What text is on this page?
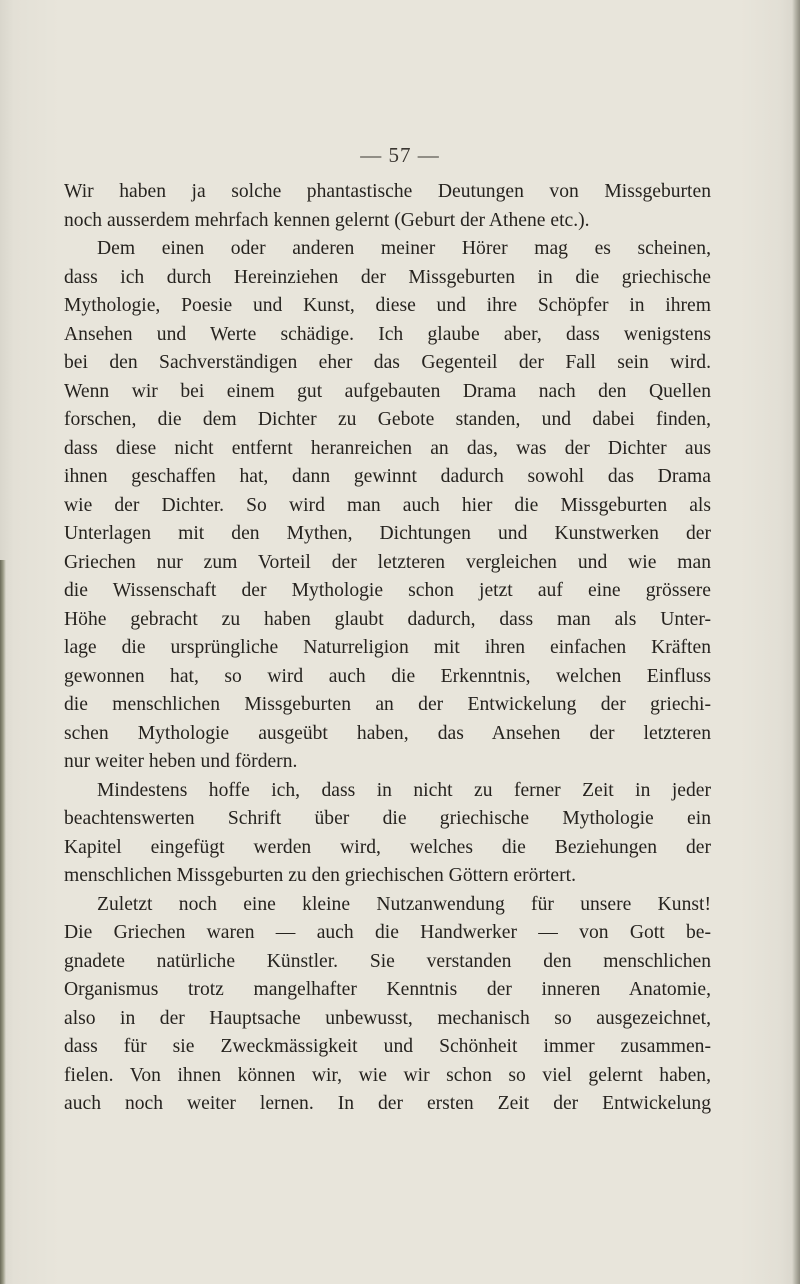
— 57 —
Wir haben ja solche phantastische Deutungen von Missgeburten
noch ausserdem mehrfach kennen gelernt (Geburt der Athene etc.).
Dem einen oder anderen meiner Hörer mag es scheinen,
dass ich durch Hereinziehen der Missgeburten in die griechische
Mythologie, Poesie und Kunst, diese und ihre Schöpfer in ihrem
Ansehen und Werte schädige. Ich glaube aber, dass wenigstens
bei den Sachverständigen eher das Gegenteil der Fall sein wird.
Wenn wir bei einem gut aufgebauten Drama nach den Quellen
forschen, die dem Dichter zu Gebote standen, und dabei finden,
dass diese nicht entfernt heranreichen an das, was der Dichter aus
ihnen geschaffen hat, dann gewinnt dadurch sowohl das Drama
wie der Dichter. So wird man auch hier die Missgeburten als
Unterlagen mit den Mythen, Dichtungen und Kunstwerken der
Griechen nur zum Vorteil der letzteren vergleichen und wie man
die Wissenschaft der Mythologie schon jetzt auf eine grössere
Höhe gebracht zu haben glaubt dadurch, dass man als Unter-
lage die ursprüngliche Naturreligion mit ihren einfachen Kräften
gewonnen hat, so wird auch die Erkenntnis, welchen Einfluss
die menschlichen Missgeburten an der Entwickelung der griechi-
schen Mythologie ausgeübt haben, das Ansehen der letzteren
nur weiter heben und fördern.
Mindestens hoffe ich, dass in nicht zu ferner Zeit in jeder
beachtenswerten Schrift über die griechische Mythologie ein
Kapitel eingefügt werden wird, welches die Beziehungen der
menschlichen Missgeburten zu den griechischen Göttern erörtert.
Zuletzt noch eine kleine Nutzanwendung für unsere Kunst!
Die Griechen waren — auch die Handwerker — von Gott be-
gnadete natürliche Künstler. Sie verstanden den menschlichen
Organismus trotz mangelhafter Kenntnis der inneren Anatomie,
also in der Hauptsache unbewusst, mechanisch so ausgezeichnet,
dass für sie Zweckmässigkeit und Schönheit immer zusammen-
fielen. Von ihnen können wir, wie wir schon so viel gelernt haben,
auch noch weiter lernen. In der ersten Zeit der Entwickelung
